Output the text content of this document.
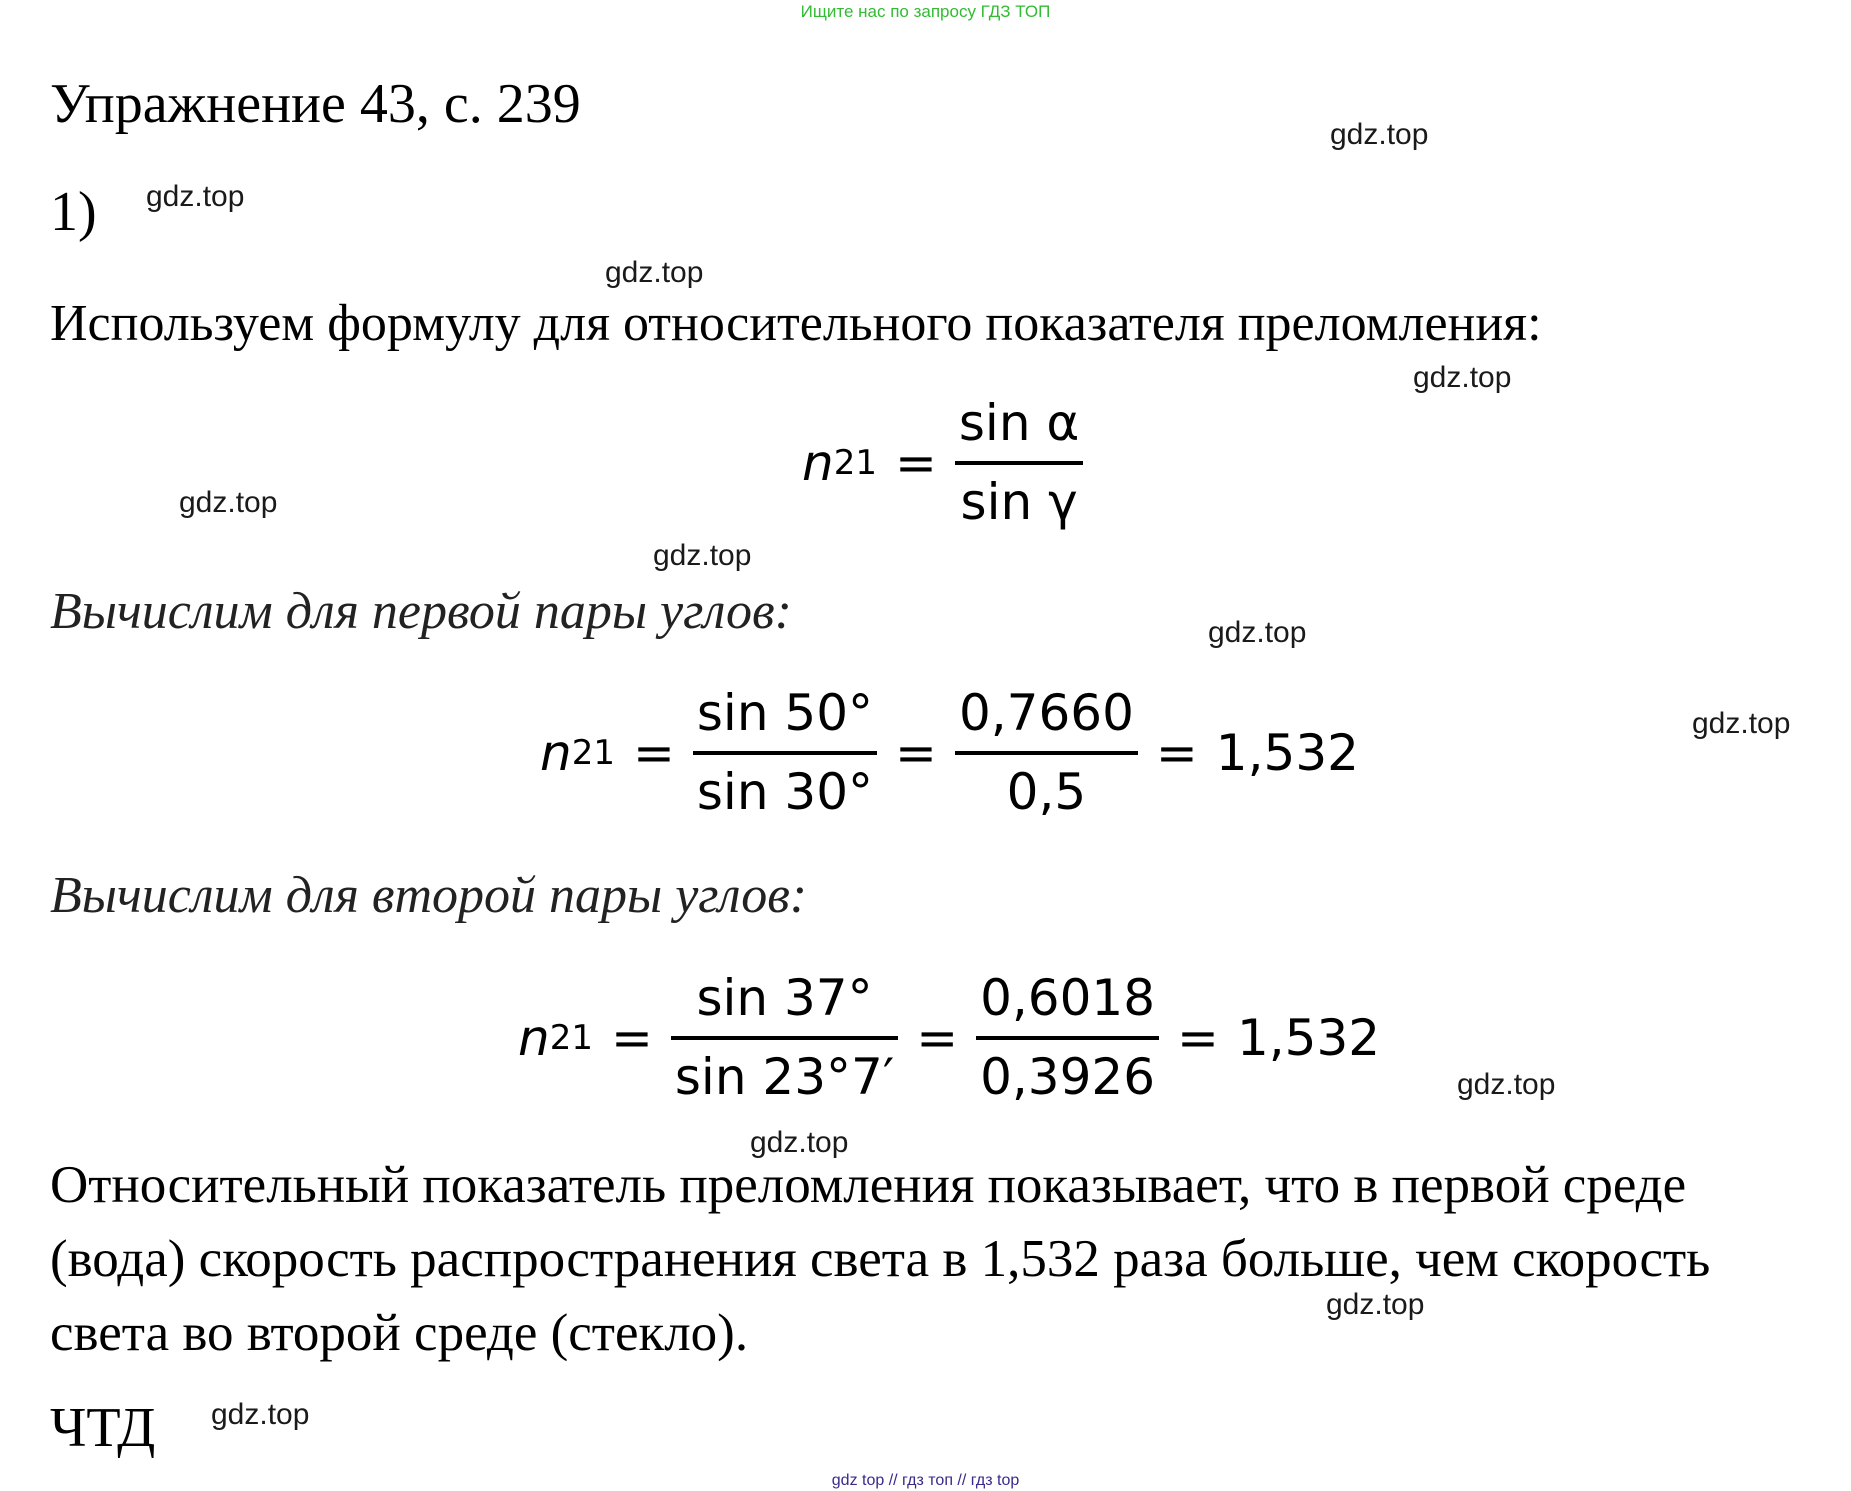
Ищите нас по запросу ГДЗ ТОП
Упражнение 43, с. 239
1)
Используем формулу для относительного показателя преломления:
n $21 = \frac{\text{sin α}}{\text{sin γ}}$
Вычислим для первой пары углов:
n $21 = \frac{\sin 50^\circ}{\sin 30^\circ} = \frac{0,7660}{0,5} = 1,532$
Вычислим для второй пары углов:
n $21 = \frac{\sin 37^\circ}{\sin 23^\circ 7'} = \frac{0,6018}{0,3926} = 1,532$
Относительный показатель преломления показывает, что в первой среде (вода) скорость распространения света в 1,532 раза больше, чем скорость света во второй среде (стекло).
ЧТД
gdz.top
gdz.top
gdz.top
gdz.top
gdz.top
gdz.top
gdz.top
gdz.top
gdz.top
gdz.top
gdz.top
gdz.top
gdz top // гдз топ // гдз top
